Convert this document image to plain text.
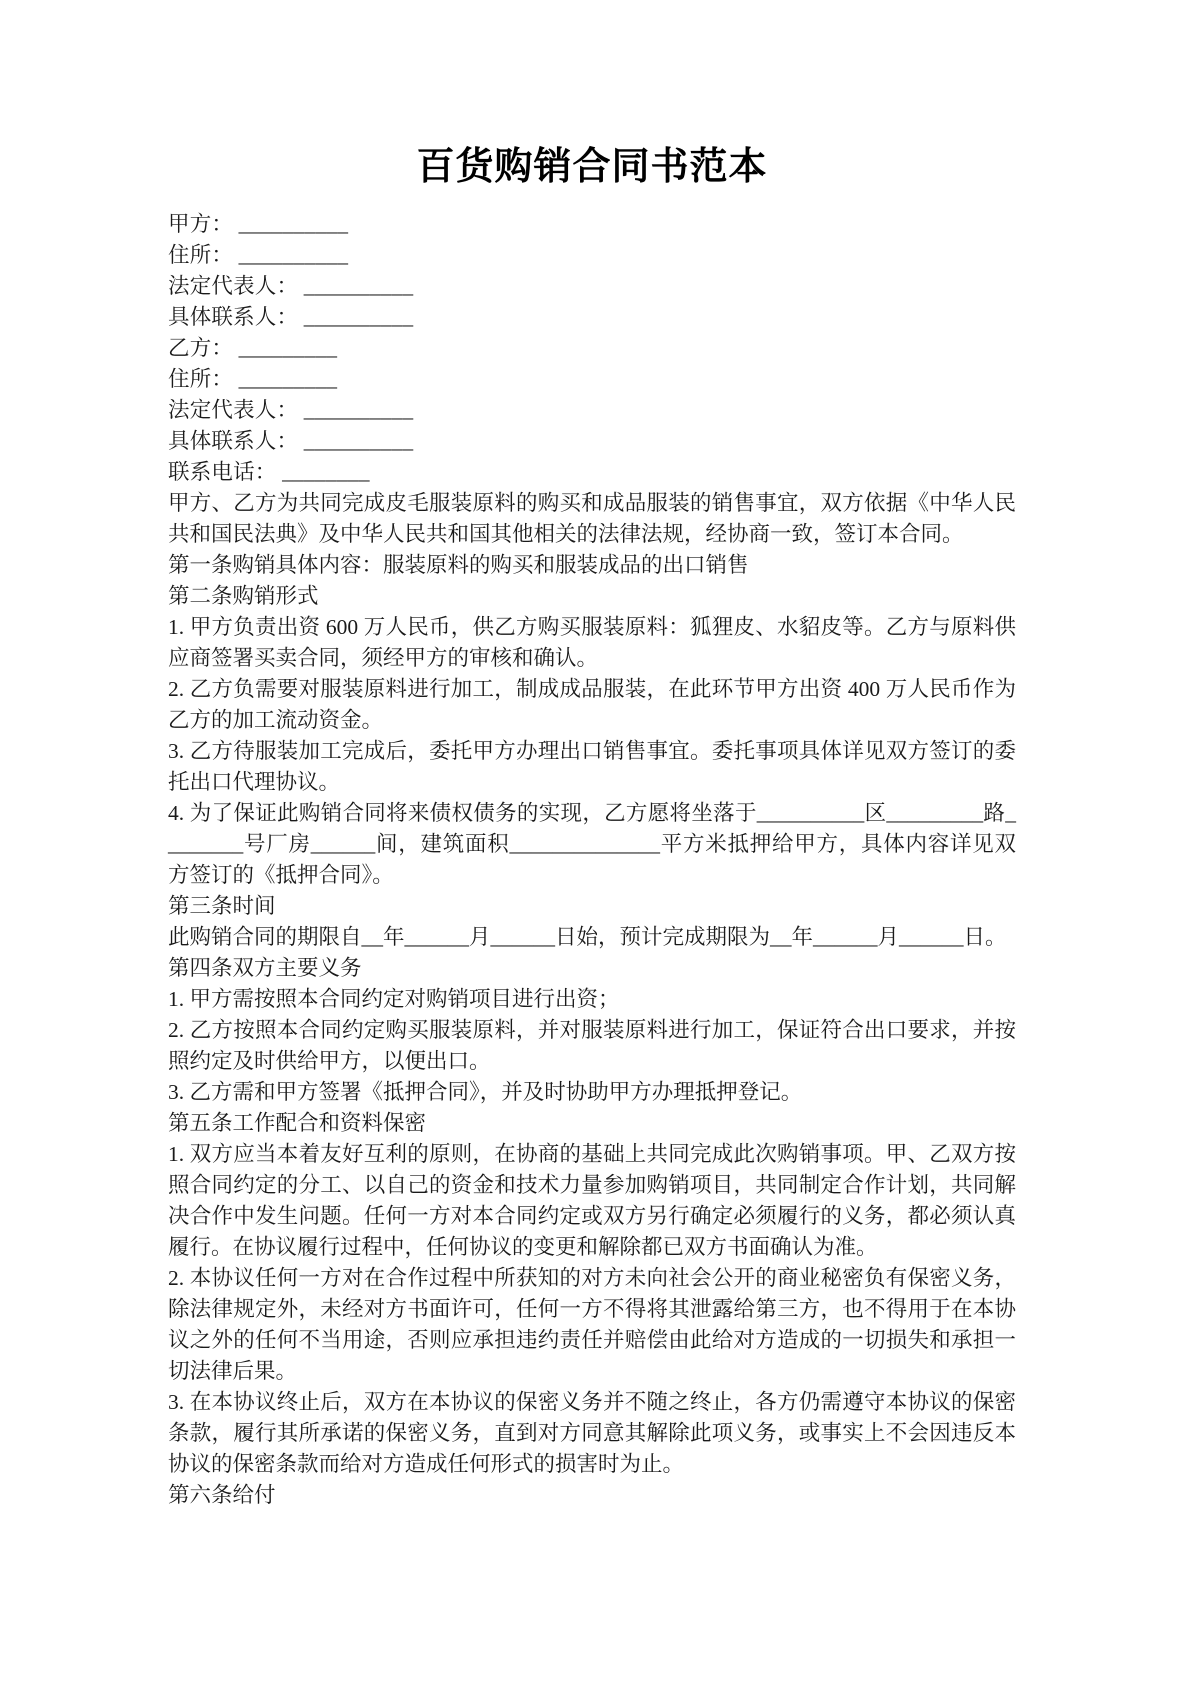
百货购销合同书范本

甲方： __________

住所： __________

法定代表人： __________

具体联系人： __________

乙方： _________

住所： _________

法定代表人： __________

具体联系人： __________

联系电话： ________

甲方、乙方为共同完成皮毛服装原料的购买和成品服装的销售事宜，双方依据《中华人民共和国民法典》及中华人民共和国其他相关的法律法规，经协商一致，签订本合同。

第一条购销具体内容：服装原料的购买和服装成品的出口销售

第二条购销形式

1. 甲方负责出资 600 万人民币，供乙方购买服装原料：狐狸皮、水貂皮等。乙方与原料供应商签署买卖合同，须经甲方的审核和确认。

2. 乙方负需要对服装原料进行加工，制成成品服装，在此环节甲方出资 400 万人民币作为乙方的加工流动资金。

3. 乙方待服装加工完成后，委托甲方办理出口销售事宜。委托事项具体详见双方签订的委托出口代理协议。

4. 为了保证此购销合同将来债权债务的实现，乙方愿将坐落于__________区_________路________号厂房______间，建筑面积______________平方米抵押给甲方，具体内容详见双方签订的《抵押合同》。

第三条时间

此购销合同的期限自__年______月______日始，预计完成期限为__年______月______日。

第四条双方主要义务

1. 甲方需按照本合同约定对购销项目进行出资；

2. 乙方按照本合同约定购买服装原料，并对服装原料进行加工，保证符合出口要求，并按照约定及时供给甲方，以便出口。

3. 乙方需和甲方签署《抵押合同》，并及时协助甲方办理抵押登记。

第五条工作配合和资料保密

1. 双方应当本着友好互利的原则，在协商的基础上共同完成此次购销事项。甲、乙双方按照合同约定的分工、以自己的资金和技术力量参加购销项目，共同制定合作计划，共同解决合作中发生问题。任何一方对本合同约定或双方另行确定必须履行的义务，都必须认真履行。在协议履行过程中，任何协议的变更和解除都已双方书面确认为准。

2. 本协议任何一方对在合作过程中所获知的对方未向社会公开的商业秘密负有保密义务，除法律规定外，未经对方书面许可，任何一方不得将其泄露给第三方，也不得用于在本协议之外的任何不当用途，否则应承担违约责任并赔偿由此给对方造成的一切损失和承担一切法律后果。

3. 在本协议终止后，双方在本协议的保密义务并不随之终止，各方仍需遵守本协议的保密条款，履行其所承诺的保密义务，直到对方同意其解除此项义务，或事实上不会因违反本协议的保密条款而给对方造成任何形式的损害时为止。

第六条给付
